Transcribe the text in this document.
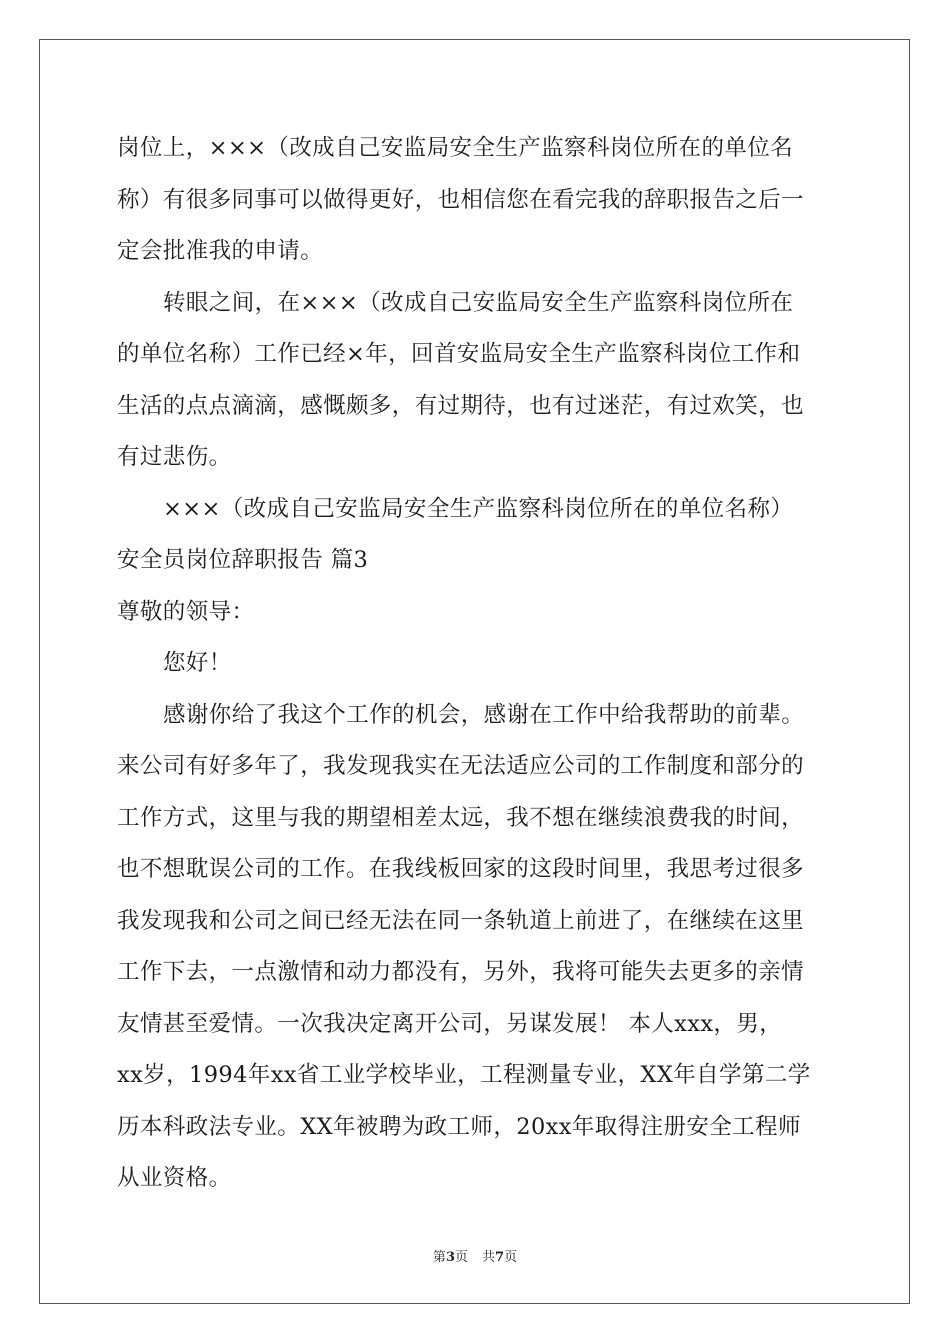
岗位上，×××（改成自己安监局安全生产监察科岗位所在的单位名
称）有很多同事可以做得更好，也相信您在看完我的辞职报告之后一
定会批准我的申请。
转眼之间，在×××（改成自己安监局安全生产监察科岗位所在
的单位名称）工作已经×年，回首安监局安全生产监察科岗位工作和
生活的点点滴滴，感慨颇多，有过期待，也有过迷茫，有过欢笑，也
有过悲伤。
×××（改成自己安监局安全生产监察科岗位所在的单位名称）
安全员岗位辞职报告 篇3
尊敬的领导：
您好！
感谢你给了我这个工作的机会，感谢在工作中给我帮助的前辈。
来公司有好多年了，我发现我实在无法适应公司的工作制度和部分的
工作方式，这里与我的期望相差太远，我不想在继续浪费我的时间，
也不想耽误公司的工作。在我线板回家的这段时间里，我思考过很多
我发现我和公司之间已经无法在同一条轨道上前进了，在继续在这里
工作下去，一点激情和动力都没有，另外，我将可能失去更多的亲情
友情甚至爱情。一次我决定离开公司，另谋发展！ 本人xxx，男，
xx岁，1994年xx省工业学校毕业，工程测量专业，XX年自学第二学
历本科政法专业。XX年被聘为政工师，20xx年取得注册安全工程师
从业资格。
第3页 共7页
